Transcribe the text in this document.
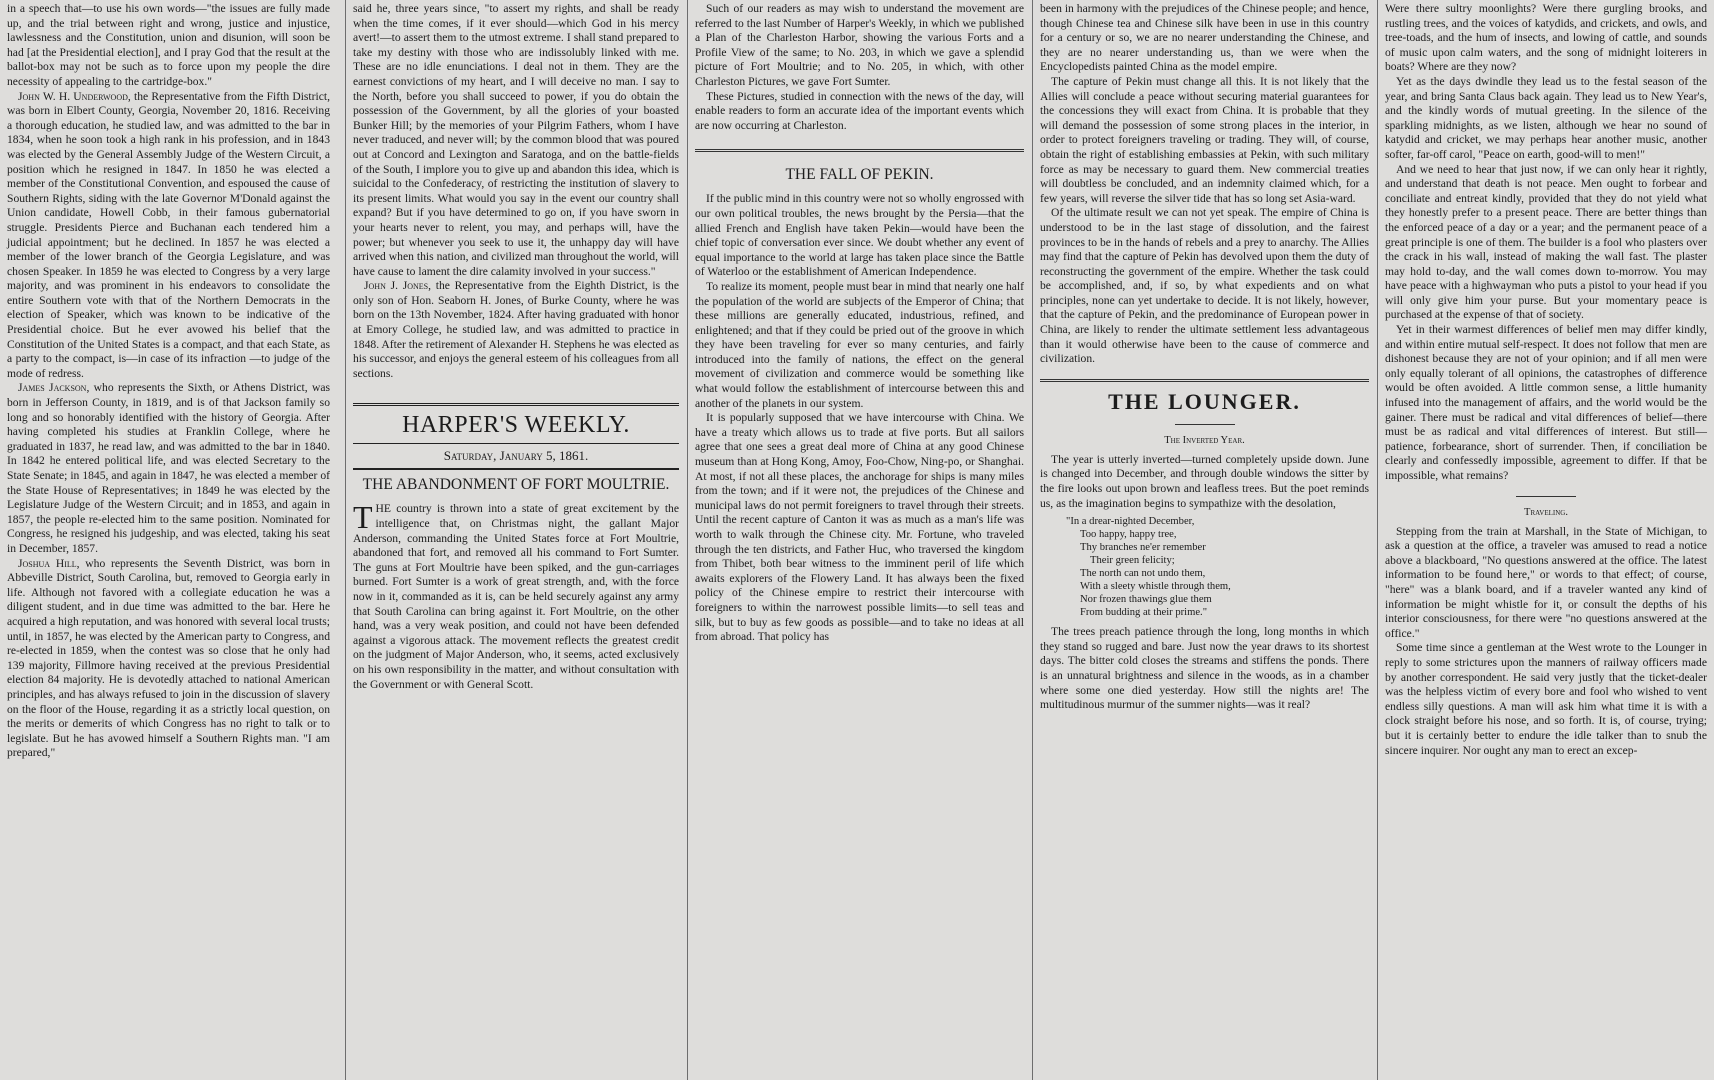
in a speech that—to use his own words—"the issues are fully made up, and the trial between right and wrong, justice and injustice, lawlessness and the Constitution, union and disunion, will soon be had [at the Presidential election], and I pray God that the result at the ballot-box may not be such as to force upon my people the dire necessity of appealing to the cartridge-box."

John W. H. Underwood, the Representative from the Fifth District, was born in Elbert County, Georgia, November 20, 1816. Receiving a thorough education, he studied law, and was admitted to the bar in 1834, when he soon took a high rank in his profession, and in 1843 was elected by the General Assembly Judge of the Western Circuit, a position which he resigned in 1847. In 1850 he was elected a member of the Constitutional Convention, and espoused the cause of Southern Rights, siding with the late Governor M'Donald against the Union candidate, Howell Cobb, in their famous gubernatorial struggle. Presidents Pierce and Buchanan each tendered him a judicial appointment; but he declined. In 1857 he was elected a member of the lower branch of the Georgia Legislature, and was chosen Speaker. In 1859 he was elected to Congress by a very large majority, and was prominent in his endeavors to consolidate the entire Southern vote with that of the Northern Democrats in the election of Speaker, which was known to be indicative of the Presidential choice. But he ever avowed his belief that the Constitution of the United States is a compact, and that each State, as a party to the compact, is—in case of its infraction —to judge of the mode of redress.

James Jackson, who represents the Sixth, or Athens District, was born in Jefferson County, in 1819, and is of that Jackson family so long and so honorably identified with the history of Georgia. After having completed his studies at Franklin College, where he graduated in 1837, he read law, and was admitted to the bar in 1840. In 1842 he entered political life, and was elected Secretary to the State Senate; in 1845, and again in 1847, he was elected a member of the State House of Representatives; in 1849 he was elected by the Legislature Judge of the Western Circuit; and in 1853, and again in 1857, the people re-elected him to the same position. Nominated for Congress, he resigned his judgeship, and was elected, taking his seat in December, 1857.

Joshua Hill, who represents the Seventh District, was born in Abbeville District, South Carolina, but, removed to Georgia early in life. Although not favored with a collegiate education he was a diligent student, and in due time was admitted to the bar. Here he acquired a high reputation, and was honored with several local trusts; until, in 1857, he was elected by the American party to Congress, and re-elected in 1859, when the contest was so close that he only had 139 majority, Fillmore having received at the previous Presidential election 84 majority. He is devotedly attached to national American principles, and has always refused to join in the discussion of slavery on the floor of the House, regarding it as a strictly local question, on the merits or demerits of which Congress has no right to talk or to legislate. But he has avowed himself a Southern Rights man. "I am prepared,"

said he, three years since, "to assert my rights, and shall be ready when the time comes, if it ever should—which God in his mercy avert!—to assert them to the utmost extreme. I shall stand prepared to take my destiny with those who are indissolubly linked with me. These are no idle enunciations. I deal not in them. They are the earnest convictions of my heart, and I will deceive no man. I say to the North, before you shall succeed to power, if you do obtain the possession of the Government, by all the glories of your boasted Bunker Hill; by the memories of your Pilgrim Fathers, whom I have never traduced, and never will; by the common blood that was poured out at Concord and Lexington and Saratoga, and on the battle-fields of the South, I implore you to give up and abandon this idea, which is suicidal to the Confederacy, of restricting the institution of slavery to its present limits. What would you say in the event our country shall expand? But if you have determined to go on, if you have sworn in your hearts never to relent, you may, and perhaps will, have the power; but whenever you seek to use it, the unhappy day will have arrived when this nation, and civilized man throughout the world, will have cause to lament the dire calamity involved in your success."

John J. Jones, the Representative from the Eighth District, is the only son of Hon. Seaborn H. Jones, of Burke County, where he was born on the 13th November, 1824. After having graduated with honor at Emory College, he studied law, and was admitted to practice in 1848. After the retirement of Alexander H. Stephens he was elected as his successor, and enjoys the general esteem of his colleagues from all sections.

HARPER'S WEEKLY.
Saturday, January 5, 1861.
THE ABANDONMENT OF FORT MOULTRIE.

THE country is thrown into a state of great excitement by the intelligence that, on Christmas night, the gallant Major Anderson, commanding the United States force at Fort Moultrie, abandoned that fort, and removed all his command to Fort Sumter. The guns at Fort Moultrie have been spiked, and the gun-carriages burned. Fort Sumter is a work of great strength, and, with the force now in it, commanded as it is, can be held securely against any army that South Carolina can bring against it. Fort Moultrie, on the other hand, was a very weak position, and could not have been defended against a vigorous attack. The movement reflects the greatest credit on the judgment of Major Anderson, who, it seems, acted exclusively on his own responsibility in the matter, and without consultation with the Government or with General Scott.

Such of our readers as may wish to understand the movement are referred to the last Number of Harper's Weekly, in which we published a Plan of the Charleston Harbor, showing the various Forts and a Profile View of the same; to No. 203, in which we gave a splendid picture of Fort Moultrie; and to No. 205, in which, with other Charleston Pictures, we gave Fort Sumter.

These Pictures, studied in connection with the news of the day, will enable readers to form an accurate idea of the important events which are now occurring at Charleston.

THE FALL OF PEKIN.

If the public mind in this country were not so wholly engrossed with our own political troubles, the news brought by the Persia—that the allied French and English have taken Pekin—would have been the chief topic of conversation ever since. We doubt whether any event of equal importance to the world at large has taken place since the Battle of Waterloo or the establishment of American Independence.

To realize its moment, people must bear in mind that nearly one half the population of the world are subjects of the Emperor of China; that these millions are generally educated, industrious, refined, and enlightened; and that if they could be pried out of the groove in which they have been traveling for ever so many centuries, and fairly introduced into the family of nations, the effect on the general movement of civilization and commerce would be something like what would follow the establishment of intercourse between this and another of the planets in our system.

It is popularly supposed that we have intercourse with China. We have a treaty which allows us to trade at five ports. But all sailors agree that one sees a great deal more of China at any good Chinese museum than at Hong Kong, Amoy, Foo-Chow, Ning-po, or Shanghai. At most, if not all these places, the anchorage for ships is many miles from the town; and if it were not, the prejudices of the Chinese and municipal laws do not permit foreigners to travel through their streets. Until the recent capture of Canton it was as much as a man's life was worth to walk through the Chinese city. Mr. Fortune, who traveled through the ten districts, and Father Huc, who traversed the kingdom from Thibet, both bear witness to the imminent peril of life which awaits explorers of the Flowery Land. It has always been the fixed policy of the Chinese empire to restrict their intercourse with foreigners to within the narrowest possible limits—to sell teas and silk, but to buy as few goods as possible—and to take no ideas at all from abroad. That policy has

been in harmony with the prejudices of the Chinese people; and hence, though Chinese tea and Chinese silk have been in use in this country for a century or so, we are no nearer understanding the Chinese, and they are no nearer understanding us, than we were when the Encyclopedists painted China as the model empire.

The capture of Pekin must change all this. It is not likely that the Allies will conclude a peace without securing material guarantees for the concessions they will exact from China. It is probable that they will demand the possession of some strong places in the interior, in order to protect foreigners traveling or trading. They will, of course, obtain the right of establishing embassies at Pekin, with such military force as may be necessary to guard them. New commercial treaties will doubtless be concluded, and an indemnity claimed which, for a few years, will reverse the silver tide that has so long set Asia-ward.

Of the ultimate result we can not yet speak. The empire of China is understood to be in the last stage of dissolution, and the fairest provinces to be in the hands of rebels and a prey to anarchy. The Allies may find that the capture of Pekin has devolved upon them the duty of reconstructing the government of the empire. Whether the task could be accomplished, and, if so, by what expedients and on what principles, none can yet undertake to decide. It is not likely, however, that the capture of Pekin, and the predominance of European power in China, are likely to render the ultimate settlement less advantageous than it would otherwise have been to the cause of commerce and civilization.

THE LOUNGER.
The Inverted Year.

The year is utterly inverted—turned completely upside down. June is changed into December, and through double windows the sitter by the fire looks out upon brown and leafless trees. But the poet reminds us, as the imagination begins to sympathize with the desolation,

"In a drear-nighted December,
Too happy, happy tree,
Thy branches ne'er remember
Their green felicity;
The north can not undo them,
With a sleety whistle through them,
Nor frozen thawings glue them
From budding at their prime."

The trees preach patience through the long, long months in which they stand so rugged and bare. Just now the year draws to its shortest days. The bitter cold closes the streams and stiffens the ponds. There is an unnatural brightness and silence in the woods, as in a chamber where some one died yesterday. How still the nights are! The multitudinous murmur of the summer nights—was it real?

Were there sultry moonlights? Were there gurgling brooks, and rustling trees, and the voices of katydids, and crickets, and owls, and tree-toads, and the hum of insects, and lowing of cattle, and sounds of music upon calm waters, and the song of midnight loiterers in boats? Where are they now?

Yet as the days dwindle they lead us to the festal season of the year, and bring Santa Claus back again. They lead us to New Year's, and the kindly words of mutual greeting. In the silence of the sparkling midnights, as we listen, although we hear no sound of katydid and cricket, we may perhaps hear another music, another softer, far-off carol, "Peace on earth, good-will to men!"

And we need to hear that just now, if we can only hear it rightly, and understand that death is not peace. Men ought to forbear and conciliate and entreat kindly, provided that they do not yield what they honestly prefer to a present peace. There are better things than the enforced peace of a day or a year; and the permanent peace of a great principle is one of them. The builder is a fool who plasters over the crack in his wall, instead of making the wall fast. The plaster may hold to-day, and the wall comes down to-morrow. You may have peace with a highwayman who puts a pistol to your head if you will only give him your purse. But your momentary peace is purchased at the expense of that of society.

Yet in their warmest differences of belief men may differ kindly, and within entire mutual self-respect. It does not follow that men are dishonest because they are not of your opinion; and if all men were only equally tolerant of all opinions, the catastrophes of difference would be often avoided. A little common sense, a little humanity infused into the management of affairs, and the world would be the gainer. There must be radical and vital differences of belief—there must be as radical and vital differences of interest. But still—patience, forbearance, short of surrender. Then, if conciliation be clearly and confessedly impossible, agreement to differ. If that be impossible, what remains?

Traveling.

Stepping from the train at Marshall, in the State of Michigan, to ask a question at the office, a traveler was amused to read a notice above a blackboard, "No questions answered at the office. The latest information to be found here," or words to that effect; of course, "here" was a blank board, and if a traveler wanted any kind of information be might whistle for it, or consult the depths of his interior consciousness, for there were "no questions answered at the office."

Some time since a gentleman at the West wrote to the Lounger in reply to some strictures upon the manners of railway officers made by another correspondent. He said very justly that the ticket-dealer was the helpless victim of every bore and fool who wished to vent endless silly questions. A man will ask him what time it is with a clock straight before his nose, and so forth. It is, of course, trying; but it is certainly better to endure the idle talker than to snub the sincere inquirer. Nor ought any man to erect an excep-
